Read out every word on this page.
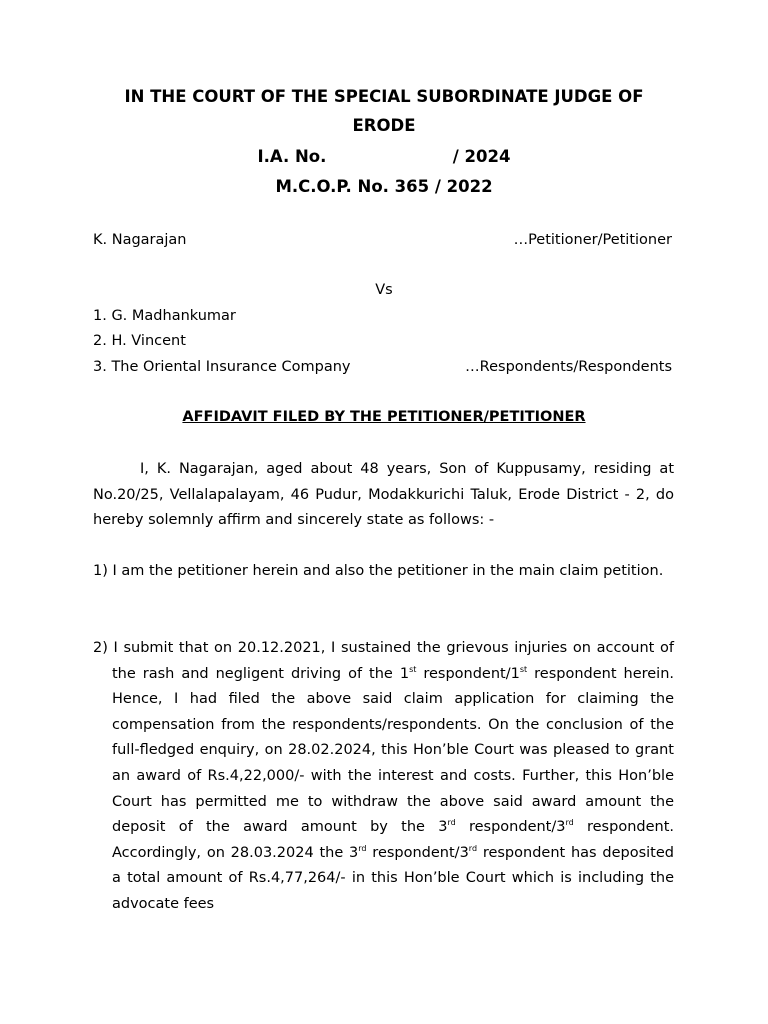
IN THE COURT OF THE SPECIAL SUBORDINATE JUDGE OF
ERODE
I.A. No.                      / 2024
M.C.O.P. No. 365 / 2022
K. Nagarajan	…Petitioner/Petitioner
Vs
1. G. Madhankumar
2. H. Vincent
3. The Oriental Insurance Company	…Respondents/Respondents
AFFIDAVIT FILED BY THE PETITIONER/PETITIONER

I, K. Nagarajan, aged about 48 years, Son of Kuppusamy, residing at No.20/25, Vellalapalayam, 46 Pudur, Modakkurichi Taluk, Erode District - 2, do hereby solemnly affirm and sincerely state as follows: -

1) I am the petitioner herein and also the petitioner in the main claim petition.

2) I submit that on 20.12.2021, I sustained the grievous injuries on account of the rash and negligent driving of the 1st respondent/1st respondent herein. Hence, I had filed the above said claim application for claiming the compensation from the respondents/respondents. On the conclusion of the full-fledged enquiry, on 28.02.2024, this Hon’ble Court was pleased to grant an award of Rs.4,22,000/- with the interest and costs. Further, this Hon’ble Court has permitted me to withdraw the above said award amount the deposit of the award amount by the 3rd respondent/3rd respondent. Accordingly, on 28.03.2024 the 3rd respondent/3rd respondent has deposited a total amount of Rs.4,77,264/- in this Hon’ble Court which is including the advocate fees
